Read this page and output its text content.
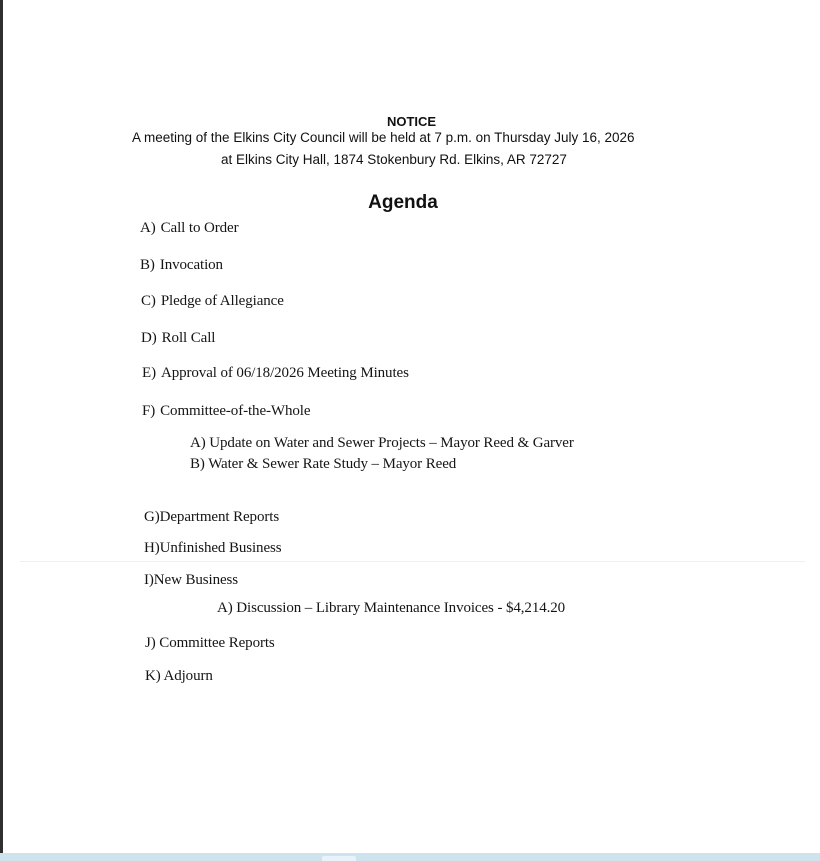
NOTICE
A meeting of the Elkins City Council will be held at 7 p.m. on Thursday July 16, 2026
at Elkins City Hall, 1874 Stokenbury Rd. Elkins, AR 72727
Agenda
A) Call to Order
B) Invocation
C) Pledge of Allegiance
D) Roll Call
E) Approval of 06/18/2026 Meeting Minutes
F) Committee-of-the-Whole
A) Update on Water and Sewer Projects – Mayor Reed & Garver
B) Water & Sewer Rate Study – Mayor Reed
G)Department Reports
H)Unfinished Business
I)New Business
A) Discussion – Library Maintenance Invoices - $4,214.20
J) Committee Reports
K) Adjourn
